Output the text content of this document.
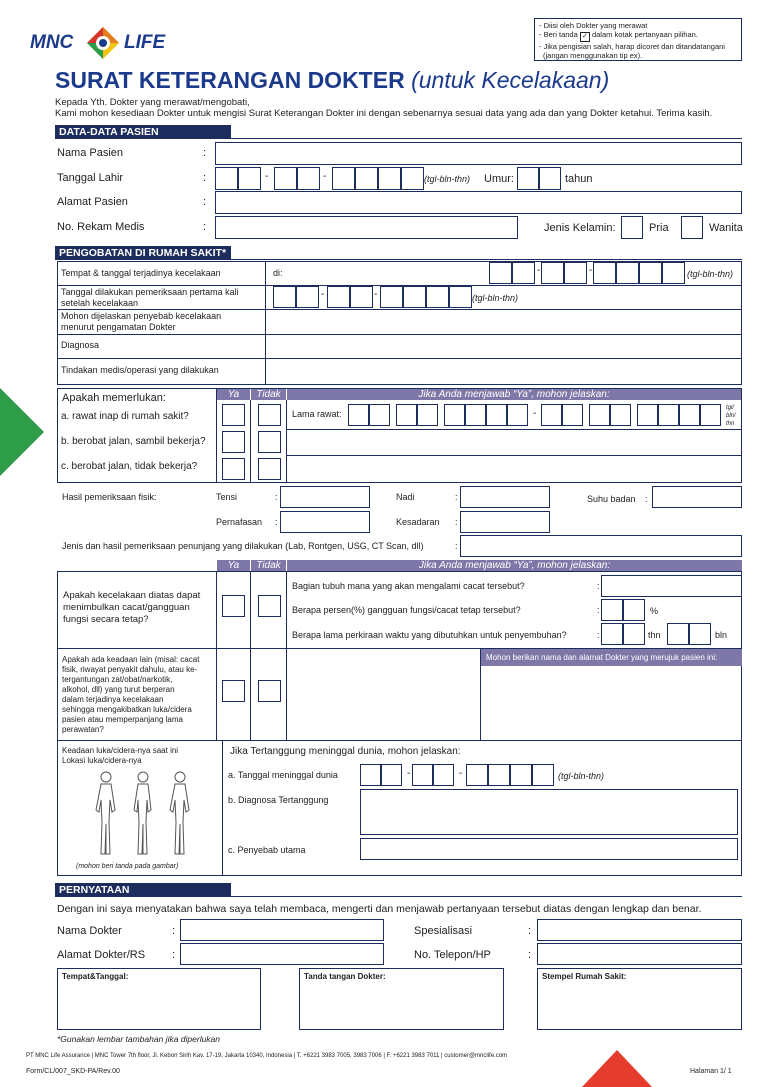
MNC	LIFE
- Diisi oleh Dokter yang merawat
- Beri tanda ✓ dalam kotak pertanyaan pilihan.
- Jika pengisian salah, harap dicoret dan ditandatangani
(jangan menggunakan tip ex).
SURAT KETERANGAN DOKTER (untuk Kecelakaan)
Kepada Yth. Dokter yang merawat/mengobati,
Kami mohon kesediaan Dokter untuk mengisi Surat Keterangan Dokter ini dengan sebenarnya sesuai data yang ada dan yang Dokter ketahui. Terima kasih.
DATA-DATA PASIEN
Nama Pasien	:
Tanggal Lahir	:	-	-	(tgl-bln-thn) Umur:	tahun
Alamat Pasien	:
No. Rekam Medis	:	Jenis Kelamin:	Pria	Wanita
PENGOBATAN DI RUMAH SAKIT*
Tempat & tanggal terjadinya kecelakaan	di:	-	-	(tgl-bln-thn)
Tanggal dilakukan pemeriksaan pertama kali
setelah kecelakaan
-	-	(tgl-bln-thn)
Mohon dijelaskan penyebab kecelakaan
menurut pengamatan Dokter
Diagnosa
Tindakan medis/operasi yang dilakukan
Ya	Tidak	Jika Anda menjawab “Ya”, mohon jelaskan:
Apakah memerlukan:
a. rawat inap di rumah sakit?	Lama rawat:	-	tgl/
bln/
thn
b. berobat jalan, sambil bekerja?
c. berobat jalan, tidak bekerja?
Hasil pemeriksaan fisik:	Tensi	:	Nadi	:	Suhu badan :
Pernafasan :	Kesadaran :
Jenis dan hasil pemeriksaan penunjang yang dilakukan (Lab, Rontgen, USG, CT Scan, dll)	:
Ya	Tidak	Jika Anda menjawab “Ya”, mohon jelaskan:
Apakah kecelakaan diatas dapat
menimbulkan cacat/gangguan
fungsi secara tetap?
Bagian tubuh mana yang akan mengalami cacat tersebut?	:
Berapa persen(%) gangguan fungsi/cacat tetap tersebut?	:	%
Berapa lama perkiraan waktu yang dibutuhkan untuk penyembuhan?	:	thn	bln
Apakah ada keadaan lain (misal: cacat
fisik, riwayat penyakit dahulu, atau ke-
tergantungan zat/obat/narkotik,
alkohol, dll) yang turut berperan
dalam terjadinya kecelakaan
sehingga mengakibatkan luka/cidera
pasien atau memperpanjang lama
perawatan?
Mohon berikan nama dan alamat Dokter yang merujuk pasien ini:
Keadaan luka/cidera-nya saat ini
Lokasi luka/cidera-nya
(mohon beri tanda pada gambar)
Jika Tertanggung meninggal dunia, mohon jelaskan:
a. Tanggal meninggal dunia	-	-	(tgl-bln-thn)
b. Diagnosa Tertanggung
c. Penyebab utama
PERNYATAAN
Dengan ini saya menyatakan bahwa saya telah membaca, mengerti dan menjawab pertanyaan tersebut diatas dengan lengkap dan benar.
Nama Dokter	:	Spesialisasi	:
Alamat Dokter/RS :	No. Telepon/HP	:
Tempat&Tanggal:	Tanda tangan Dokter:	Stempel Rumah Sakit:
*Gunakan lembar tambahan jika diperlukan
PT MNC Life Assurance | MNC Tower 7th floor, Jl. Kebon Sirih Kav. 17-19, Jakarta 10340, Indonesia | T. +6221 3983 7005, 3983 7006 | F. +6221 3983 7011 | customer@mnclife.com
Form/CL/007_SKD-PA/Rev.00	Halaman 1/ 1
